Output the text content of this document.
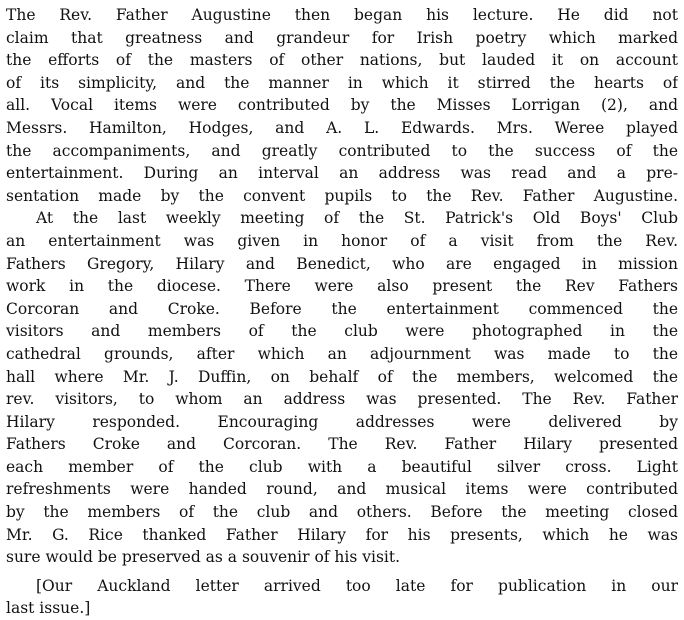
The Rev. Father Augustine then began his lecture. He did not
claim that greatness and grandeur for Irish poetry which marked
the efforts of the masters of other nations, but lauded it on account
of its simplicity, and the manner in which it stirred the hearts of
all. Vocal items were contributed by the Misses Lorrigan (2), and
Messrs. Hamilton, Hodges, and A. L. Edwards. Mrs. Weree played
the accompaniments, and greatly contributed to the success of the
entertainment. During an interval an address was read and a pre-
sentation made by the convent pupils to the Rev. Father Augustine.
At the last weekly meeting of the St. Patrick's Old Boys' Club
an entertainment was given in honor of a visit from the Rev.
Fathers Gregory, Hilary and Benedict, who are engaged in mission
work in the diocese. There were also present the Rev Fathers
Corcoran and Croke. Before the entertainment commenced the
visitors and members of the club were photographed in the
cathedral grounds, after which an adjournment was made to the
hall where Mr. J. Duffin, on behalf of the members, welcomed the
rev. visitors, to whom an address was presented. The Rev. Father
Hilary responded. Encouraging addresses were delivered by
Fathers Croke and Corcoran. The Rev. Father Hilary presented
each member of the club with a beautiful silver cross. Light
refreshments were handed round, and musical items were contributed
by the members of the club and others. Before the meeting closed
Mr. G. Rice thanked Father Hilary for his presents, which he was
sure would be preserved as a souvenir of his visit.
[Our Auckland letter arrived too late for publication in our
last issue.]
